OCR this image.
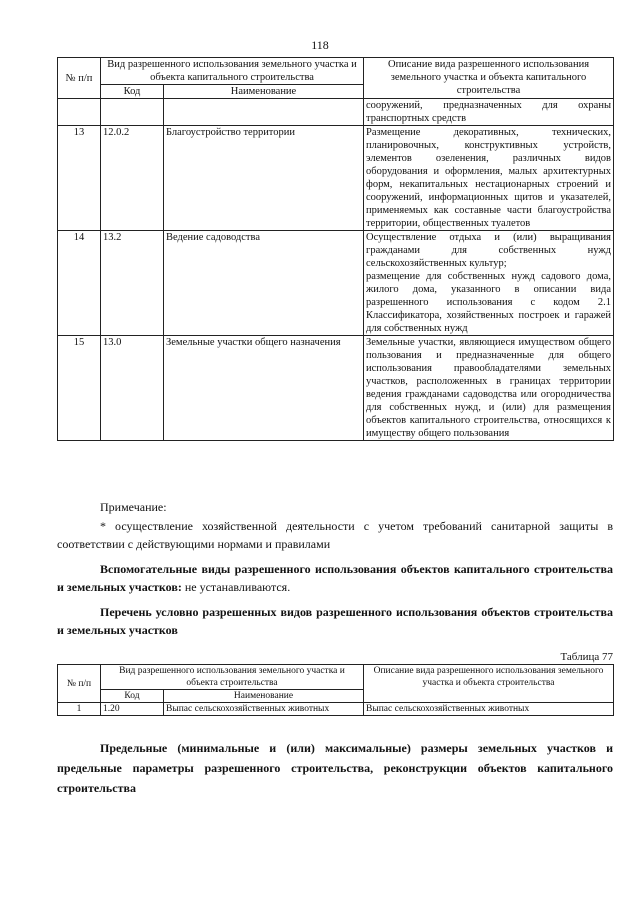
118
№ п/п	Вид разрешенного использования земельного участка и объекта капитального строительства		Описание вида разрешенного использования земельного участка и объекта капитального строительства
	Код	Наименование	

			сооружений, предназначенных для охраны
транспортных средств

13	12.0.2	Благоустройство территории	Размещение декоративных, технических, планировочных, конструктивных устройств, элементов озеленения, различных видов оборудования и оформления, малых архитектурных форм, некапитальных нестационарных строений и сооружений, информационных щитов и указателей, применяемых как составные части благоустройства территории, общественных туалетов
14	13.2	Ведение садоводства	Осуществление отдыха и (или) выращивания гражданами для собственных нужд сельскохозяйственных культур;
размещение для собственных нужд садового дома, жилого дома, указанного в описании вида разрешенного использования с кодом 2.1 Классификатора, хозяйственных построек и гаражей для собственных нужд

15	13.0	Земельные участки общего назначения	Земельные участки, являющиеся имуществом общего пользования и предназначенные для общего использования правообладателями земельных участков, расположенных в границах территории ведения гражданами садоводства или огородничества для собственных нужд, и (или) для размещения объектов капитального строительства, относящихся к имуществу общего пользования
Примечание:
* осуществление хозяйственной деятельности с учетом требований санитарной защиты в соответствии с действующими нормами и правилами
Вспомогательные виды разрешенного использования объектов капитального строительства и земельных участков: не устанавливаются.
Перечень условно разрешенных видов разрешенного использования объектов строительства и земельных участков
Таблица 77
№ п/п	Вид разрешенного использования земельного участка и объекта строительства		Описание вида разрешенного использования земельного участка и объекта строительства
	Код	Наименование	
1	1.20	Выпас сельскохозяйственных животных	Выпас сельскохозяйственных животных
Предельные (минимальные и (или) максимальные) размеры земельных участков и предельные параметры разрешенного строительства, реконструкции объектов капитального строительства
